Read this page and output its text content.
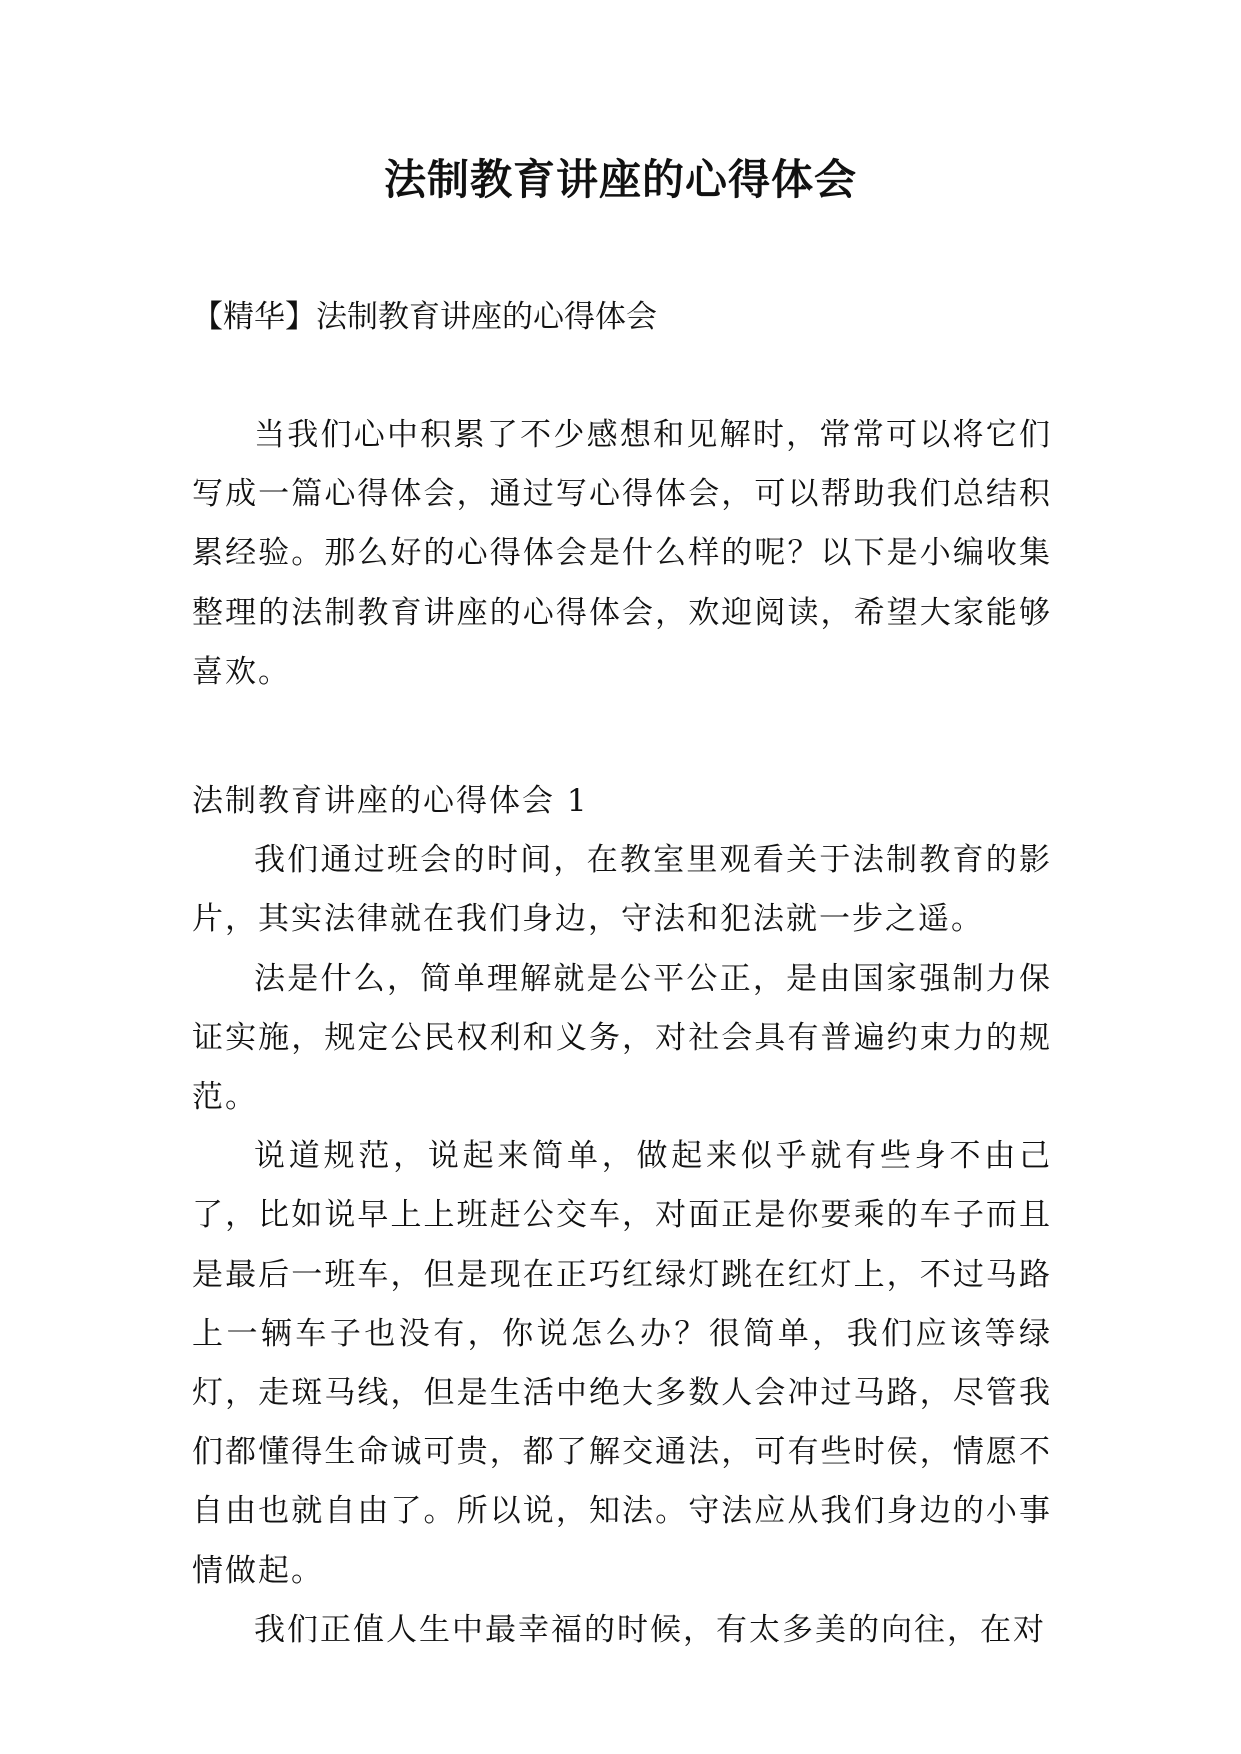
法制教育讲座的心得体会
【精华】法制教育讲座的心得体会

当我们心中积累了不少感想和见解时，常常可以将它们写成一篇心得体会，通过写心得体会，可以帮助我们总结积累经验。那么好的心得体会是什么样的呢？以下是小编收集整理的法制教育讲座的心得体会，欢迎阅读，希望大家能够喜欢。

法制教育讲座的心得体会 1

我们通过班会的时间，在教室里观看关于法制教育的影片，其实法律就在我们身边，守法和犯法就一步之遥。

法是什么，简单理解就是公平公正，是由国家强制力保证实施，规定公民权利和义务，对社会具有普遍约束力的规范。

说道规范，说起来简单，做起来似乎就有些身不由己了，比如说早上上班赶公交车，对面正是你要乘的车子而且是最后一班车，但是现在正巧红绿灯跳在红灯上，不过马路上一辆车子也没有，你说怎么办？很简单，我们应该等绿灯，走斑马线，但是生活中绝大多数人会冲过马路，尽管我们都懂得生命诚可贵，都了解交通法，可有些时侯，情愿不自由也就自由了。所以说，知法。守法应从我们身边的小事情做起。

我们正值人生中最幸福的时候，有太多美的向往，在对
